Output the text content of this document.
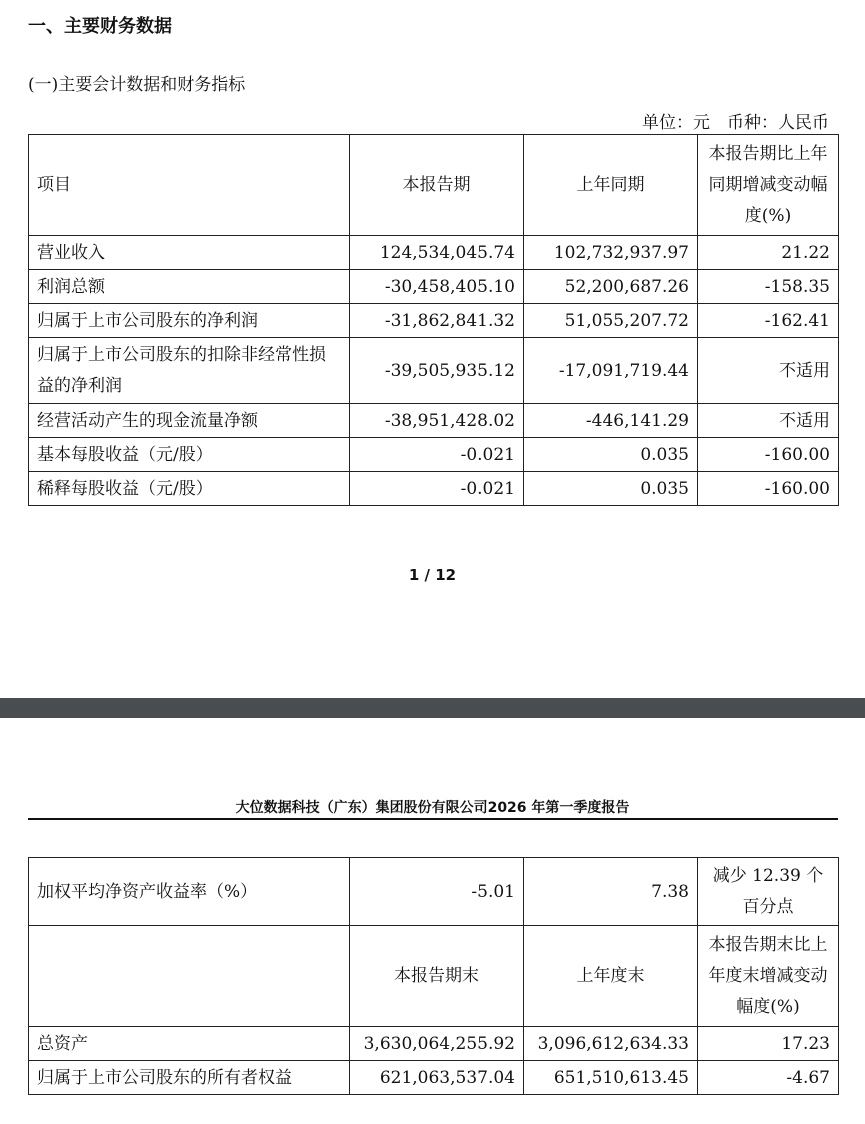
一、主要财务数据
(一)主要会计数据和财务指标
单位：元　币种：人民币
项目	本报告期	上年同期	本报告期比上年同期增减变动幅度(%)
营业收入	124,534,045.74	102,732,937.97	21.22
利润总额	-30,458,405.10	52,200,687.26	-158.35
归属于上市公司股东的净利润	-31,862,841.32	51,055,207.72	-162.41
归属于上市公司股东的扣除非经常性损益的净利润	-39,505,935.12	-17,091,719.44	不适用
经营活动产生的现金流量净额	-38,951,428.02	-446,141.29	不适用
基本每股收益（元/股）	-0.021	0.035	-160.00
稀释每股收益（元/股）	-0.021	0.035	-160.00
1 / 12
大位数据科技（广东）集团股份有限公司2026 年第一季度报告
加权平均净资产收益率（%）	-5.01	7.38	减少 12.39 个百分点
	本报告期末	上年度末	本报告期末比上年度末增减变动幅度(%)
总资产	3,630,064,255.92	3,096,612,634.33	17.23
归属于上市公司股东的所有者权益	621,063,537.04	651,510,613.45	-4.67
